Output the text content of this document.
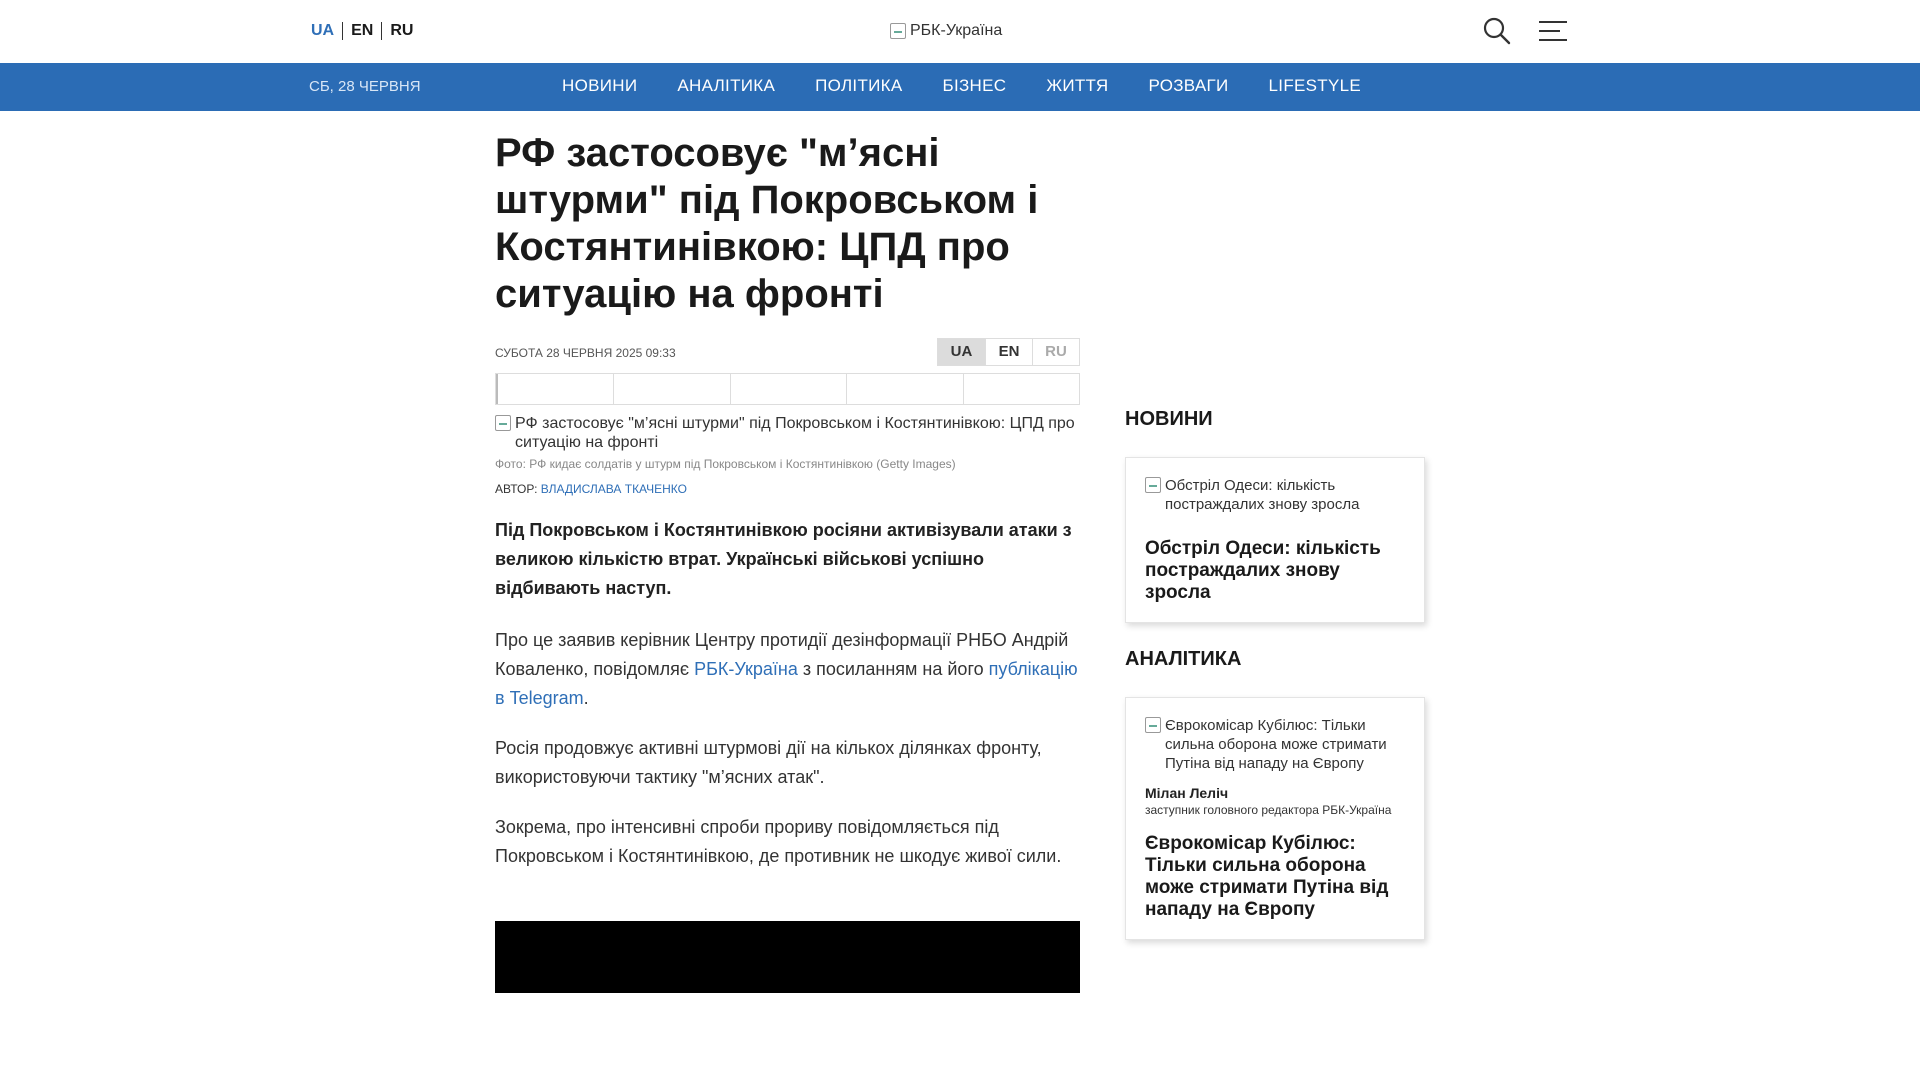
UA	EN	RU	РБК-Україна
СБ, 28 ЧЕРВНЯ	НОВИНИ АНАЛІТИКА ПОЛІТИКА БІЗНЕС ЖИТТЯ РОЗВАГИ LIFESTYLE
РФ застосовує "м’ясні штурми" під Покровськом і Костянтинівкою: ЦПД про ситуацію на фронті
СУБОТА 28 ЧЕРВНЯ 2025 09:33	UA	EN	RU
РФ застосовує "м’ясні штурми" під Покровськом і Костянтинівкою: ЦПД про ситуацію на фронті
Фото: РФ кидає солдатів у штурм під Покровськом і Костянтинівкою (Getty Images)
АВТОР: ВЛАДИСЛАВА ТКАЧЕНКО

Під Покровськом і Костянтинівкою росіяни активізували атаки з великою кількістю втрат. Українські військові успішно відбивають наступ.

Про це заявив керівник Центру протидії дезінформації РНБО Андрій Коваленко, повідомляє РБК-Україна з посиланням на його публікацію в Telegram.

Росія продовжує активні штурмові дії на кількох ділянках фронту, використовуючи тактику "м’ясних атак".

Зокрема, про інтенсивні спроби прориву повідомляється під Покровськом і Костянтинівкою, де противник не шкодує живої сили.

НОВИНИ
Обстріл Одеси: кількість постраждалих знову зросла
Обстріл Одеси: кількість постраждалих знову зросла
АНАЛІТИКА
Єврокомісар Кубілюс: Тільки сильна оборона може стримати Путіна від нападу на Європу
Мілан Леліч
заступник головного редактора РБК-Україна
Єврокомісар Кубілюс: Тільки сильна оборона може стримати Путіна від нападу на Європу
